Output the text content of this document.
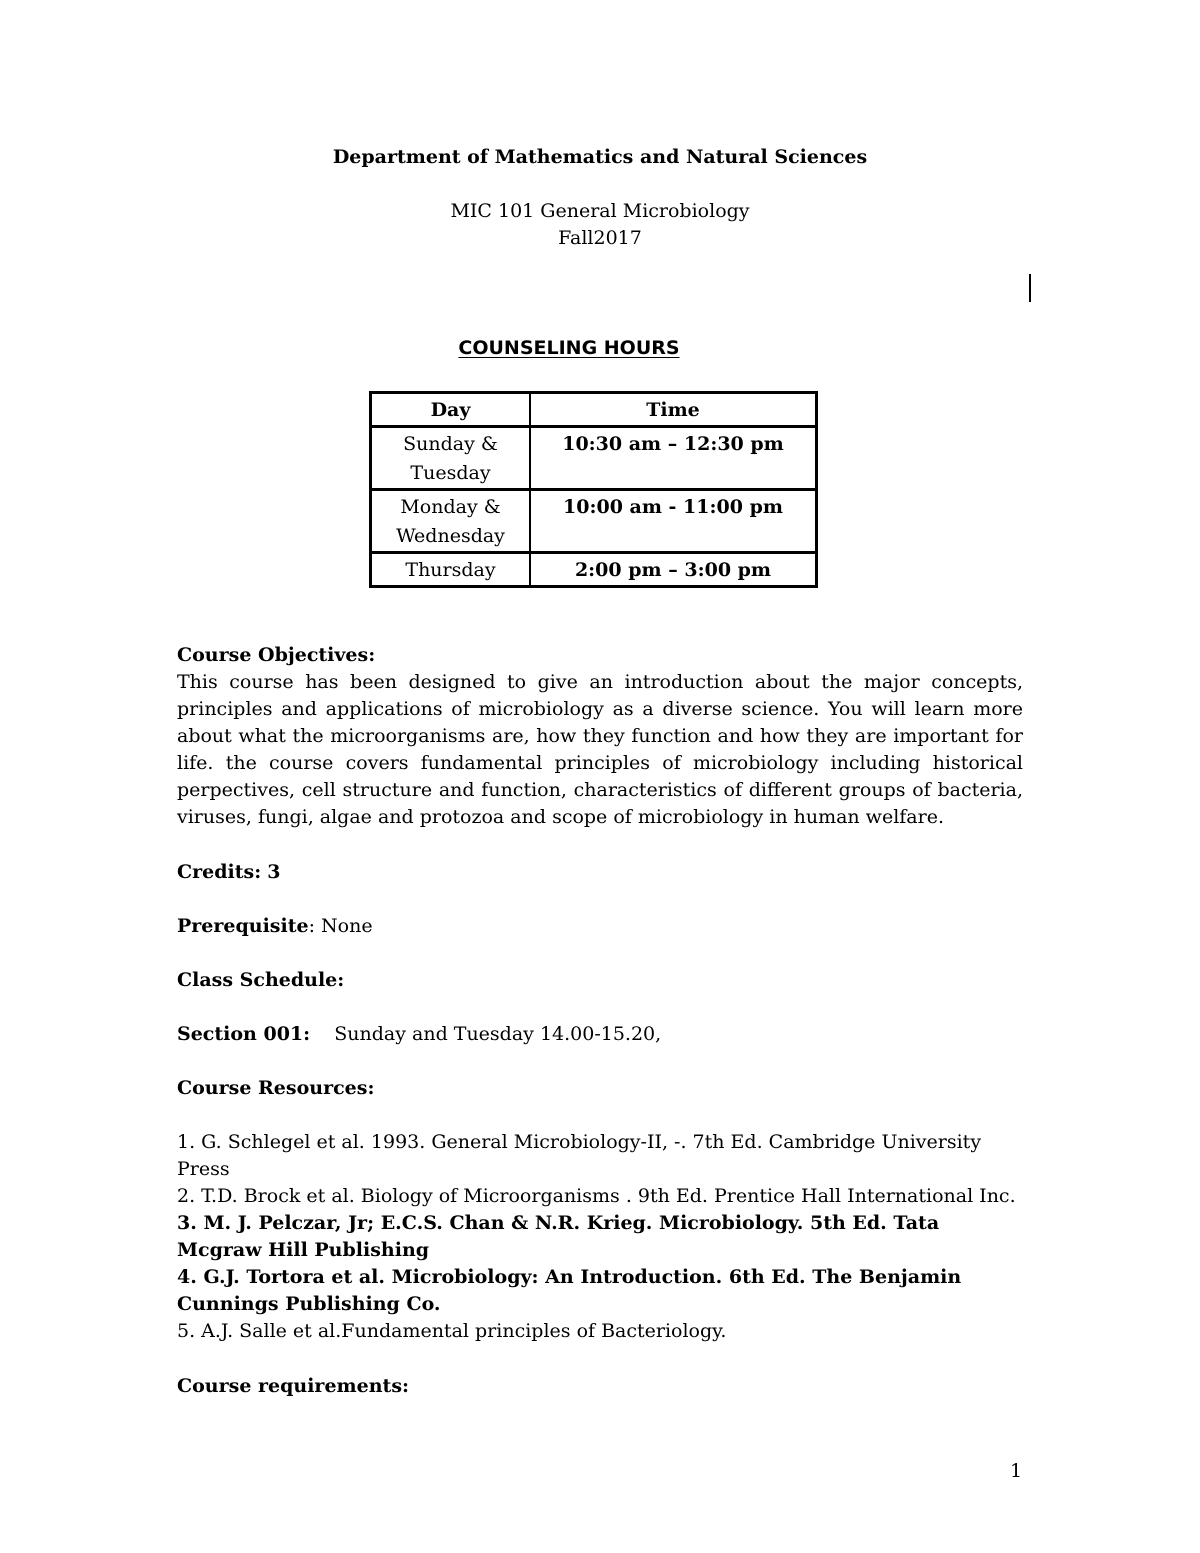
Department of Mathematics and Natural Sciences
MIC 101 General Microbiology
Fall2017
COUNSELING HOURS
Day	Time

Sunday &
Tuesday	10:30 am – 12:30 pm

Monday &
Wednesday	10:00 am - 11:00 pm

Thursday	2:00 pm – 3:00 pm
Course Objectives:
This course has been designed to give an introduction about the major concepts, principles and applications of microbiology as a diverse science. You will learn more about what the microorganisms are, how they function and how they are important for life. the course covers fundamental principles of microbiology including historical perpectives, cell structure and function, characteristics of different groups of bacteria, viruses, fungi, algae and protozoa and scope of microbiology in human welfare.
Credits: 3
Prerequisite: None
Class Schedule:
Section 001: Sunday and Tuesday 14.00-15.20,
Course Resources:

1. G. Schlegel et al. 1993. General Microbiology-II, -. 7th Ed. Cambridge University Press

2. T.D. Brock et al. Biology of Microorganisms . 9th Ed. Prentice Hall International Inc.

3. M. J. Pelczar, Jr; E.C.S. Chan & N.R. Krieg. Microbiology. 5th Ed. Tata Mcgraw Hill Publishing

4. G.J. Tortora et al. Microbiology: An Introduction. 6th Ed. The Benjamin Cunnings Publishing Co.

5. A.J. Salle et al.Fundamental principles of Bacteriology.

Course requirements:
1
